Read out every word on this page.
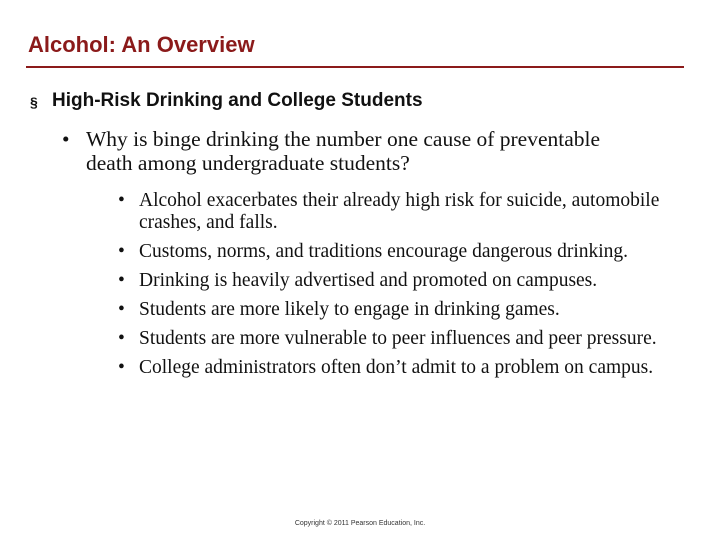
Alcohol: An Overview
§ High-Risk Drinking and College Students
• Why is binge drinking the number one cause of preventable death among undergraduate students?
• Alcohol exacerbates their already high risk for suicide, automobile crashes, and falls.
• Customs, norms, and traditions encourage dangerous drinking.
• Drinking is heavily advertised and promoted on campuses.
• Students are more likely to engage in drinking games.
• Students are more vulnerable to peer influences and peer pressure.
• College administrators often don’t admit to a problem on campus.
Copyright © 2011 Pearson Education, Inc.
